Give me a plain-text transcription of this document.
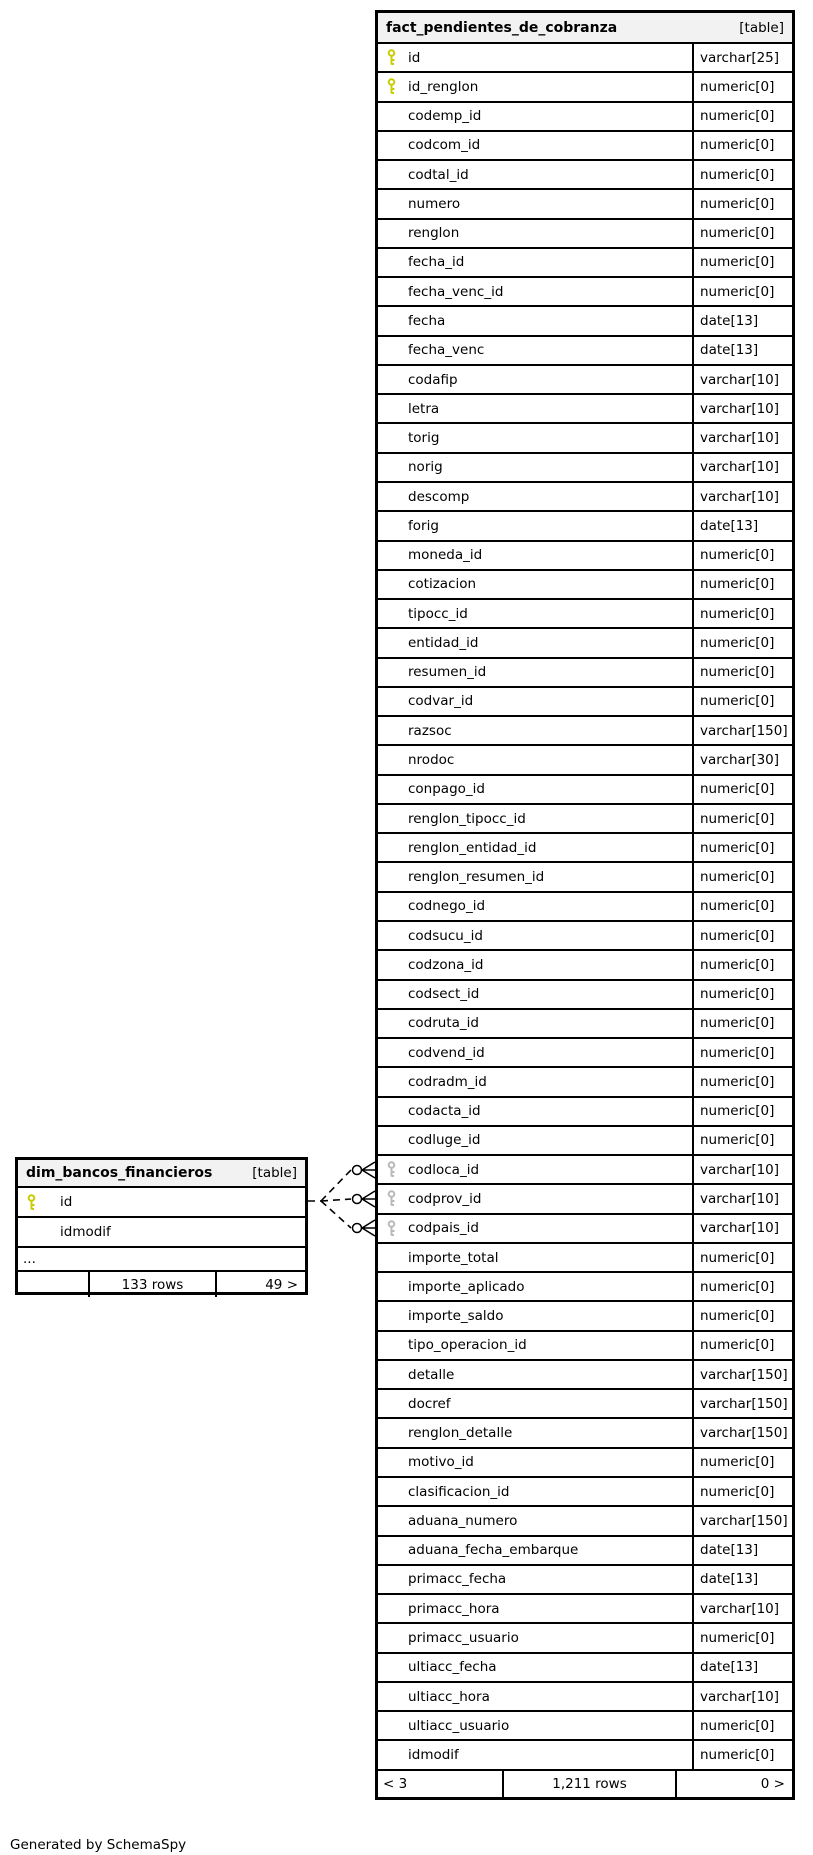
fact_pendientes_de_cobranza	[table]
id	varchar[25]
id_renglon	numeric[0]
codemp_id	numeric[0]
codcom_id	numeric[0]
codtal_id	numeric[0]
numero	numeric[0]
renglon	numeric[0]
fecha_id	numeric[0]
fecha_venc_id	numeric[0]
fecha	date[13]
fecha_venc	date[13]
codafip	varchar[10]
letra	varchar[10]
torig	varchar[10]
norig	varchar[10]
descomp	varchar[10]
forig	date[13]
moneda_id	numeric[0]
cotizacion	numeric[0]
tipocc_id	numeric[0]
entidad_id	numeric[0]
resumen_id	numeric[0]
codvar_id	numeric[0]
razsoc	varchar[150]
nrodoc	varchar[30]
conpago_id	numeric[0]
renglon_tipocc_id	numeric[0]
renglon_entidad_id	numeric[0]
renglon_resumen_id	numeric[0]
codnego_id	numeric[0]
codsucu_id	numeric[0]
codzona_id	numeric[0]
codsect_id	numeric[0]
codruta_id	numeric[0]
codvend_id	numeric[0]
codradm_id	numeric[0]
codacta_id	numeric[0]
codluge_id	numeric[0]
codloca_id	varchar[10]
codprov_id	varchar[10]
codpais_id	varchar[10]
importe_total	numeric[0]
importe_aplicado	numeric[0]
importe_saldo	numeric[0]
tipo_operacion_id	numeric[0]
detalle	varchar[150]
docref	varchar[150]
renglon_detalle	varchar[150]
motivo_id	numeric[0]
clasificacion_id	numeric[0]
aduana_numero	varchar[150]
aduana_fecha_embarque	date[13]
primacc_fecha	date[13]
primacc_hora	varchar[10]
primacc_usuario	numeric[0]
ultiacc_fecha	date[13]
ultiacc_hora	varchar[10]
ultiacc_usuario	numeric[0]
idmodif	numeric[0]
< 3	1,211 rows	0 >
dim_bancos_financieros	[table]
id
idmodif
...
133 rows	49 >
Generated by SchemaSpy
